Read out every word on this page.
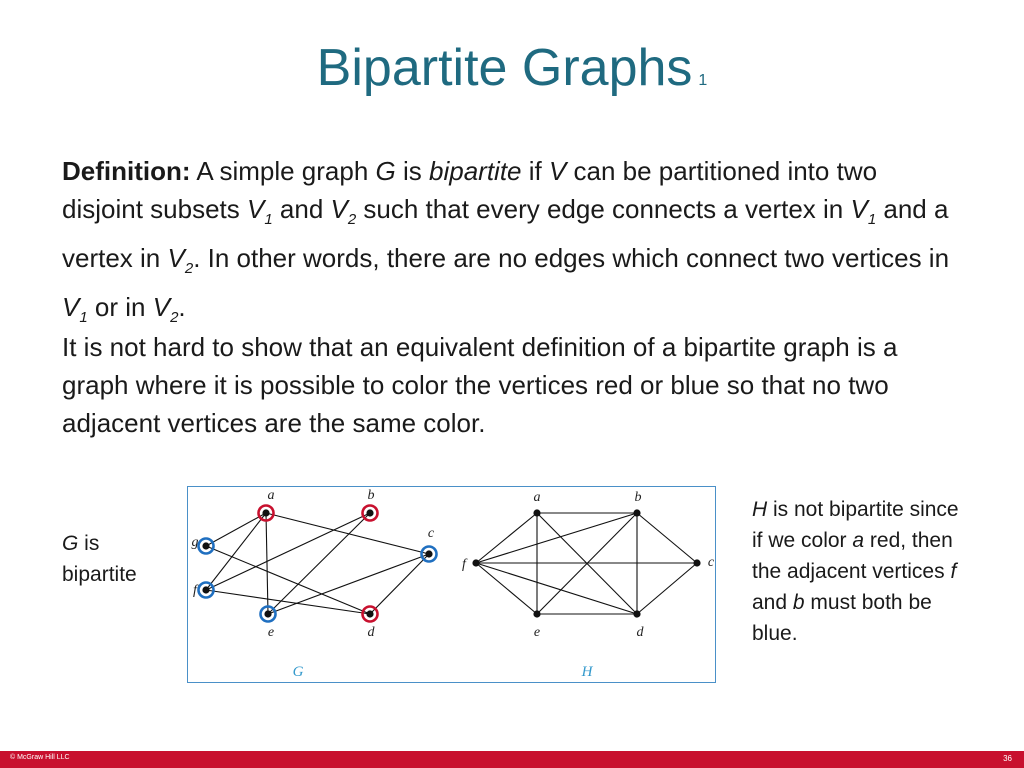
Bipartite Graphs 1
Definition: A simple graph G is bipartite if V can be partitioned into two disjoint subsets $V_1$ and $V_2$ such that every edge connects a vertex in $V_1$ and a vertex in $V_2$. In other words, there are no edges which connect two vertices in $V_1$ or in $V_2$.
It is not hard to show that an equivalent definition of a bipartite graph is a graph where it is possible to color the vertices red or blue so that no two adjacent vertices are the same color.
G is bipartite
a	b
c
d
e
f
g
G
a	b
c
d
e
f
H
H is not bipartite since if we color a red, then the adjacent vertices f and b must both be blue.
© McGraw Hill LLC	36
